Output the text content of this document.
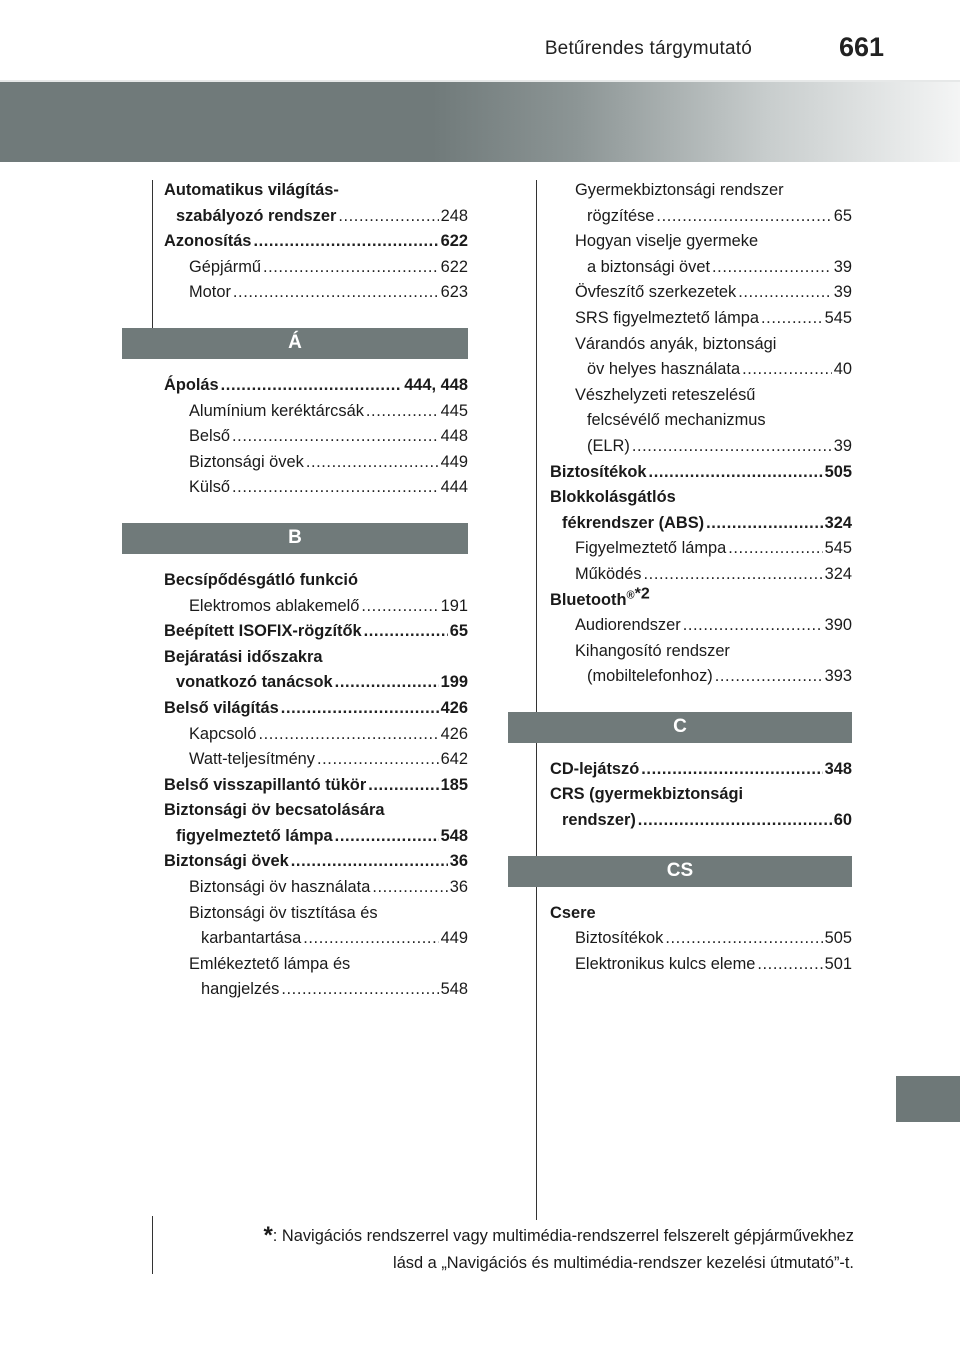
Betűrendes tárgymutató	661
Automatikus világítás-
szabályozó rendszer .....	248
Azonosítás .....	622
Gépjármű .....	622
Motor .....	623
Á
Ápolás .....	444, 448
Alumínium keréktárcsák .....	445
Belső .....	448
Biztonsági övek .....	449
Külső .....	444
B
Becsípődésgátló funkció
Elektromos ablakemelő .....	191
Beépített ISOFIX-rögzítők .....	65
Bejáratási időszakra
vonatkozó tanácsok .....	199
Belső világítás .....	426
Kapcsoló .....	426
Watt-teljesítmény .....	642
Belső visszapillantó tükör .....	185
Biztonsági öv becsatolására
figyelmeztető lámpa .....	548
Biztonsági övek .....	36
Biztonsági öv használata .....	36
Biztonsági öv tisztítása és
karbantartása .....	449
Emlékeztető lámpa és
hangjelzés .....	548
Gyermekbiztonsági rendszer
rögzítése .....	65
Hogyan viselje gyermeke
a biztonsági övet .....	39
Övfeszítő szerkezetek .....	39
SRS figyelmeztető lámpa .....	545
Várandós anyák, biztonsági
öv helyes használata .....	40
Vészhelyzeti reteszelésű
felcsévélő mechanizmus
(ELR) .....	39
Biztosítékok .....	505
Blokkolásgátlós
fékrendszer (ABS) .....	324
Figyelmeztető lámpa .....	545
Működés .....	324
Bluetooth®*2
Audiorendszer .....	390
Kihangosító rendszer
(mobiltelefonhoz) .....	393
C
CD-lejátszó .....	348
CRS (gyermekbiztonsági
rendszer) .....	60
CS
Csere
Biztosítékok .....	505
Elektronikus kulcs eleme .....	501
*: Navigációs rendszerrel vagy multimédia-rendszerrel felszerelt gépjárművekhez
lásd a „Navigációs és multimédia-rendszer kezelési útmutató”-t.
